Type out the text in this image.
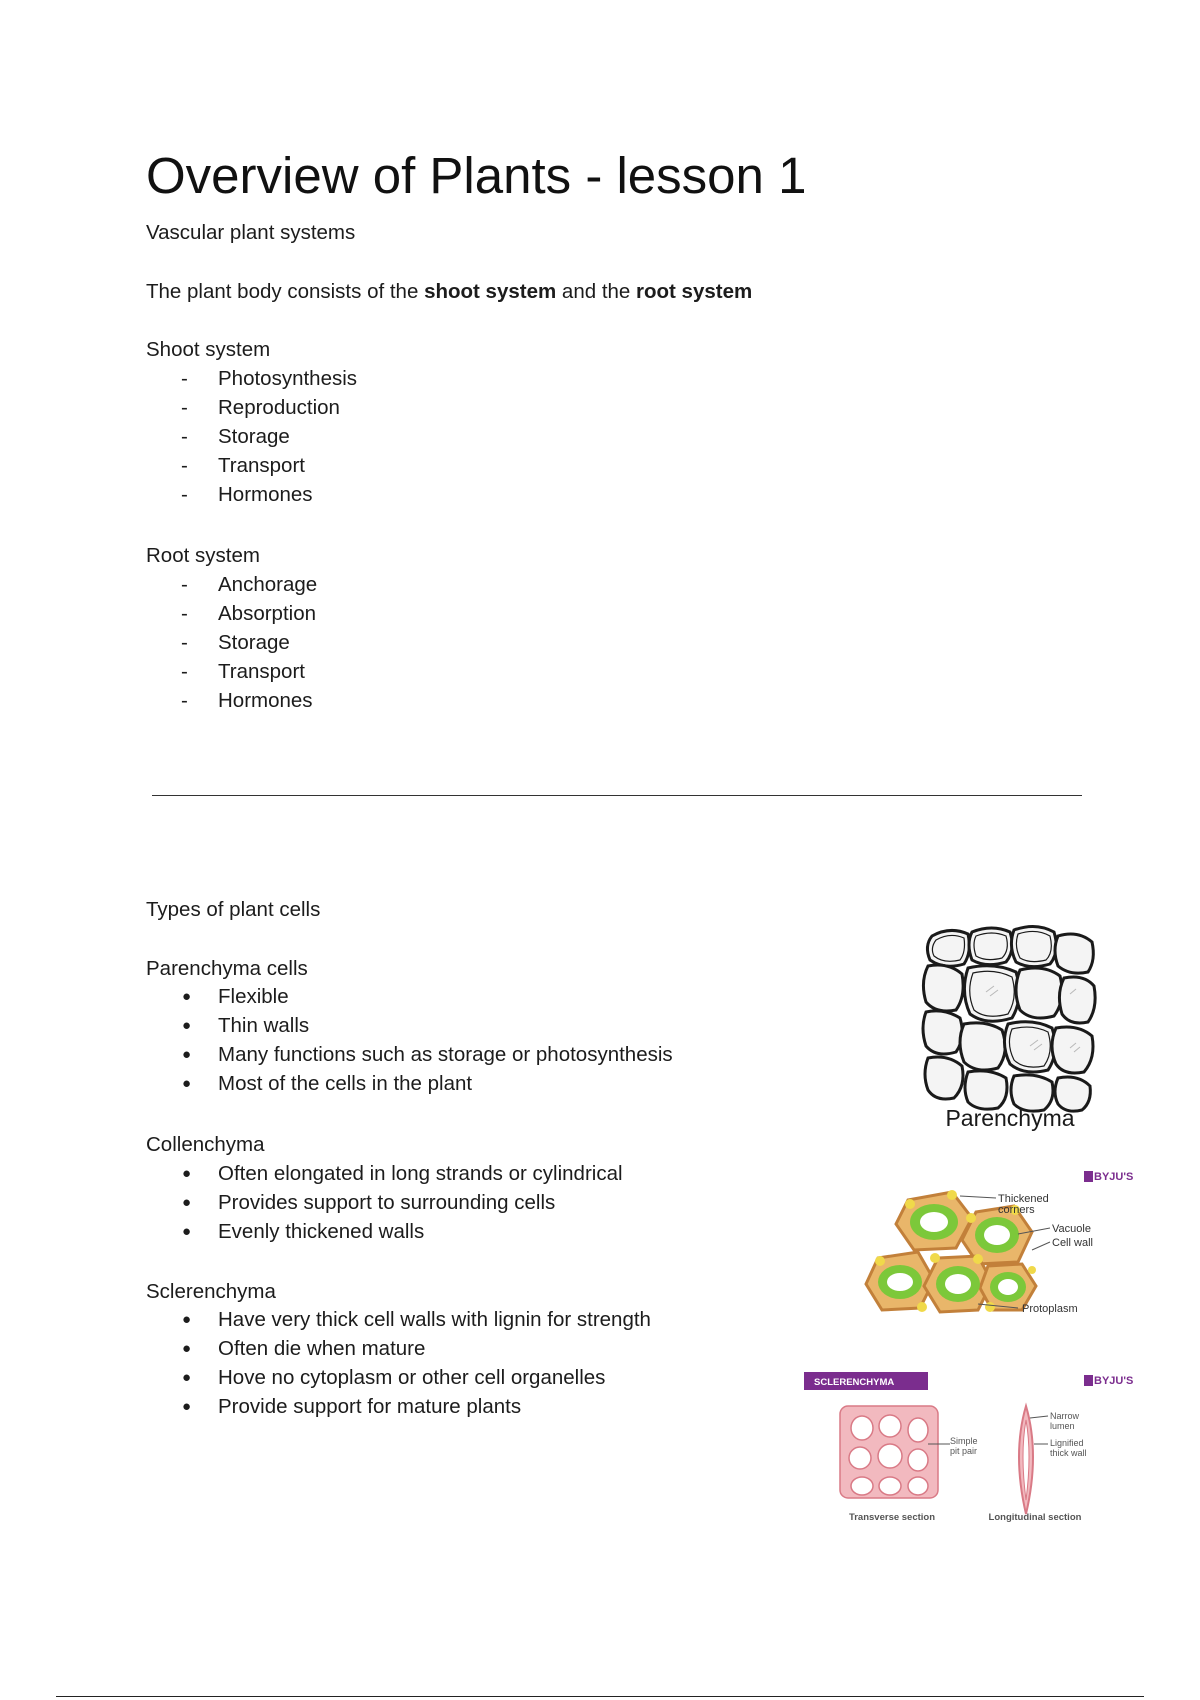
Overview of Plants - lesson 1
Vascular plant systems
The plant body consists of the shoot system and the root system
Shoot system
- Photosynthesis
- Reproduction
- Storage
- Transport
- Hormones
Root system
- Anchorage
- Absorption
- Storage
- Transport
- Hormones
Types of plant cells
Parenchyma cells
● Flexible
● Thin walls
● Many functions such as storage or photosynthesis
● Most of the cells in the plant
Collenchyma
● Often elongated in long strands or cylindrical
● Provides support to surrounding cells
● Evenly thickened walls
Sclerenchyma
● Have very thick cell walls with lignin for strength
● Often die when mature
● Hove no cytoplasm or other cell organelles
● Provide support for mature plants
Parenchyma
BYJU'S
Thickened
corners
Vacuole
Cell wall
Protoplasm
SCLERENCHYMA	BYJU'S
Simple
pit pair
Narrow
lumen
Lignified
thick wall
Transverse section	Longitudinal section
